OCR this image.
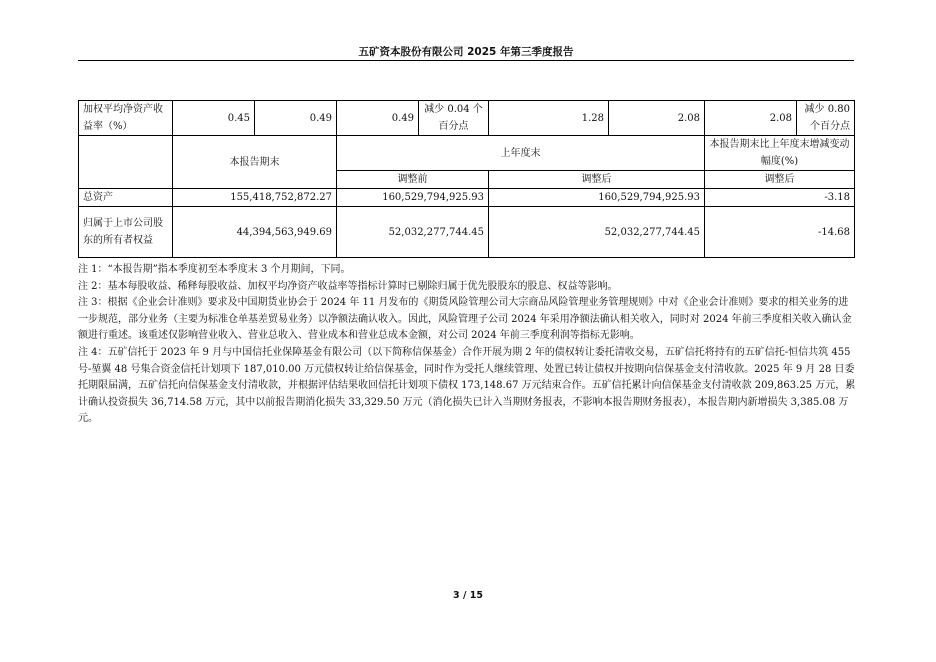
五矿资本股份有限公司 2025 年第三季度报告
加权平均净资产收益率（%）	0.45	0.49	0.49	减少 0.04 个百分点	1.28	2.08	2.08	减少 0.80 个百分点
	本报告期末		上年度末				本报告期末比上年度末增减变动幅度(%)	
			调整前		调整后		调整后	
总资产	155,418,752,872.27		160,529,794,925.93		160,529,794,925.93		-3.18	
归属于上市公司股东的所有者权益	44,394,563,949.69		52,032,277,744.45		52,032,277,744.45		-14.68	

注 1：“本报告期”指本季度初至本季度末 3 个月期间，下同。

注 2：基本每股收益、稀释每股收益、加权平均净资产收益率等指标计算时已剔除归属于优先股股东的股息、权益等影响。

注 3：根据《企业会计准则》要求及中国期货业协会于 2024 年 11 月发布的《期货风险管理公司大宗商品风险管理业务管理规则》中对《企业会计准则》要求的相关业务的进一步规范，部分业务（主要为标准仓单基差贸易业务）以净额法确认收入。因此，风险管理子公司 2024 年采用净额法确认相关收入，同时对 2024 年前三季度相关收入确认金额进行重述。该重述仅影响营业收入、营业总收入、营业成本和营业总成本金额，对公司 2024 年前三季度利润等指标无影响。

注 4：五矿信托于 2023 年 9 月与中国信托业保障基金有限公司（以下简称信保基金）合作开展为期 2 年的债权转让委托清收交易，五矿信托将持有的五矿信托-恒信共筑 455 号-堃翼 48 号集合资金信托计划项下 187,010.00 万元债权转让给信保基金，同时作为受托人继续管理、处置已转让债权并按期向信保基金支付清收款。2025 年 9 月 28 日委托期限届满，五矿信托向信保基金支付清收款，并根据评估结果收回信托计划项下债权 173,148.67 万元结束合作。五矿信托累计向信保基金支付清收款 209,863.25 万元，累计确认投资损失 36,714.58 万元，其中以前报告期消化损失 33,329.50 万元（消化损失已计入当期财务报表，不影响本报告期财务报表），本报告期内新增损失 3,385.08 万元。

3 / 15
